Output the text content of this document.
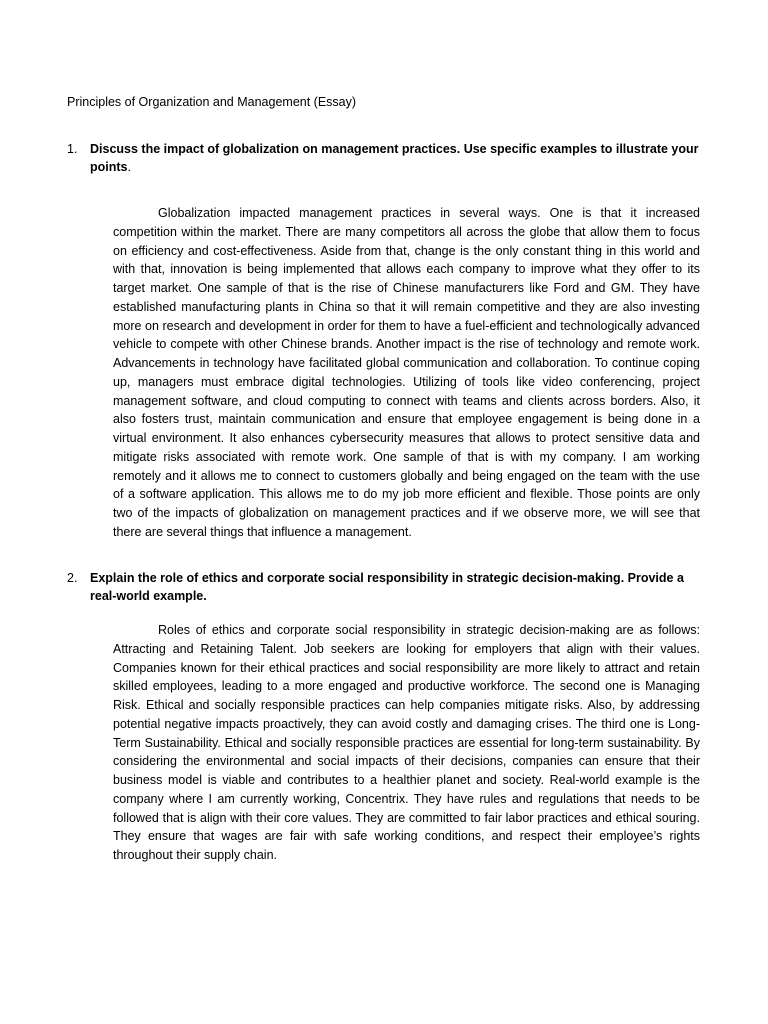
Principles of Organization and Management (Essay)
1. Discuss the impact of globalization on management practices. Use specific examples to illustrate your points.

Globalization impacted management practices in several ways. One is that it increased competition within the market. There are many competitors all across the globe that allow them to focus on efficiency and cost-effectiveness. Aside from that, change is the only constant thing in this world and with that, innovation is being implemented that allows each company to improve what they offer to its target market. One sample of that is the rise of Chinese manufacturers like Ford and GM. They have established manufacturing plants in China so that it will remain competitive and they are also investing more on research and development in order for them to have a fuel-efficient and technologically advanced vehicle to compete with other Chinese brands. Another impact is the rise of technology and remote work. Advancements in technology have facilitated global communication and collaboration. To continue coping up, managers must embrace digital technologies. Utilizing of tools like video conferencing, project management software, and cloud computing to connect with teams and clients across borders. Also, it also fosters trust, maintain communication and ensure that employee engagement is being done in a virtual environment. It also enhances cybersecurity measures that allows to protect sensitive data and mitigate risks associated with remote work. One sample of that is with my company. I am working remotely and it allows me to connect to customers globally and being engaged on the team with the use of a software application. This allows me to do my job more efficient and flexible. Those points are only two of the impacts of globalization on management practices and if we observe more, we will see that there are several things that influence a management.

2. Explain the role of ethics and corporate social responsibility in strategic decision-making. Provide a real-world example.

Roles of ethics and corporate social responsibility in strategic decision-making are as follows: Attracting and Retaining Talent. Job seekers are looking for employers that align with their values. Companies known for their ethical practices and social responsibility are more likely to attract and retain skilled employees, leading to a more engaged and productive workforce. The second one is Managing Risk. Ethical and socially responsible practices can help companies mitigate risks. Also, by addressing potential negative impacts proactively, they can avoid costly and damaging crises. The third one is Long-Term Sustainability. Ethical and socially responsible practices are essential for long-term sustainability. By considering the environmental and social impacts of their decisions, companies can ensure that their business model is viable and contributes to a healthier planet and society. Real-world example is the company where I am currently working, Concentrix. They have rules and regulations that needs to be followed that is align with their core values. They are committed to fair labor practices and ethical souring. They ensure that wages are fair with safe working conditions, and respect their employee’s rights throughout their supply chain.
